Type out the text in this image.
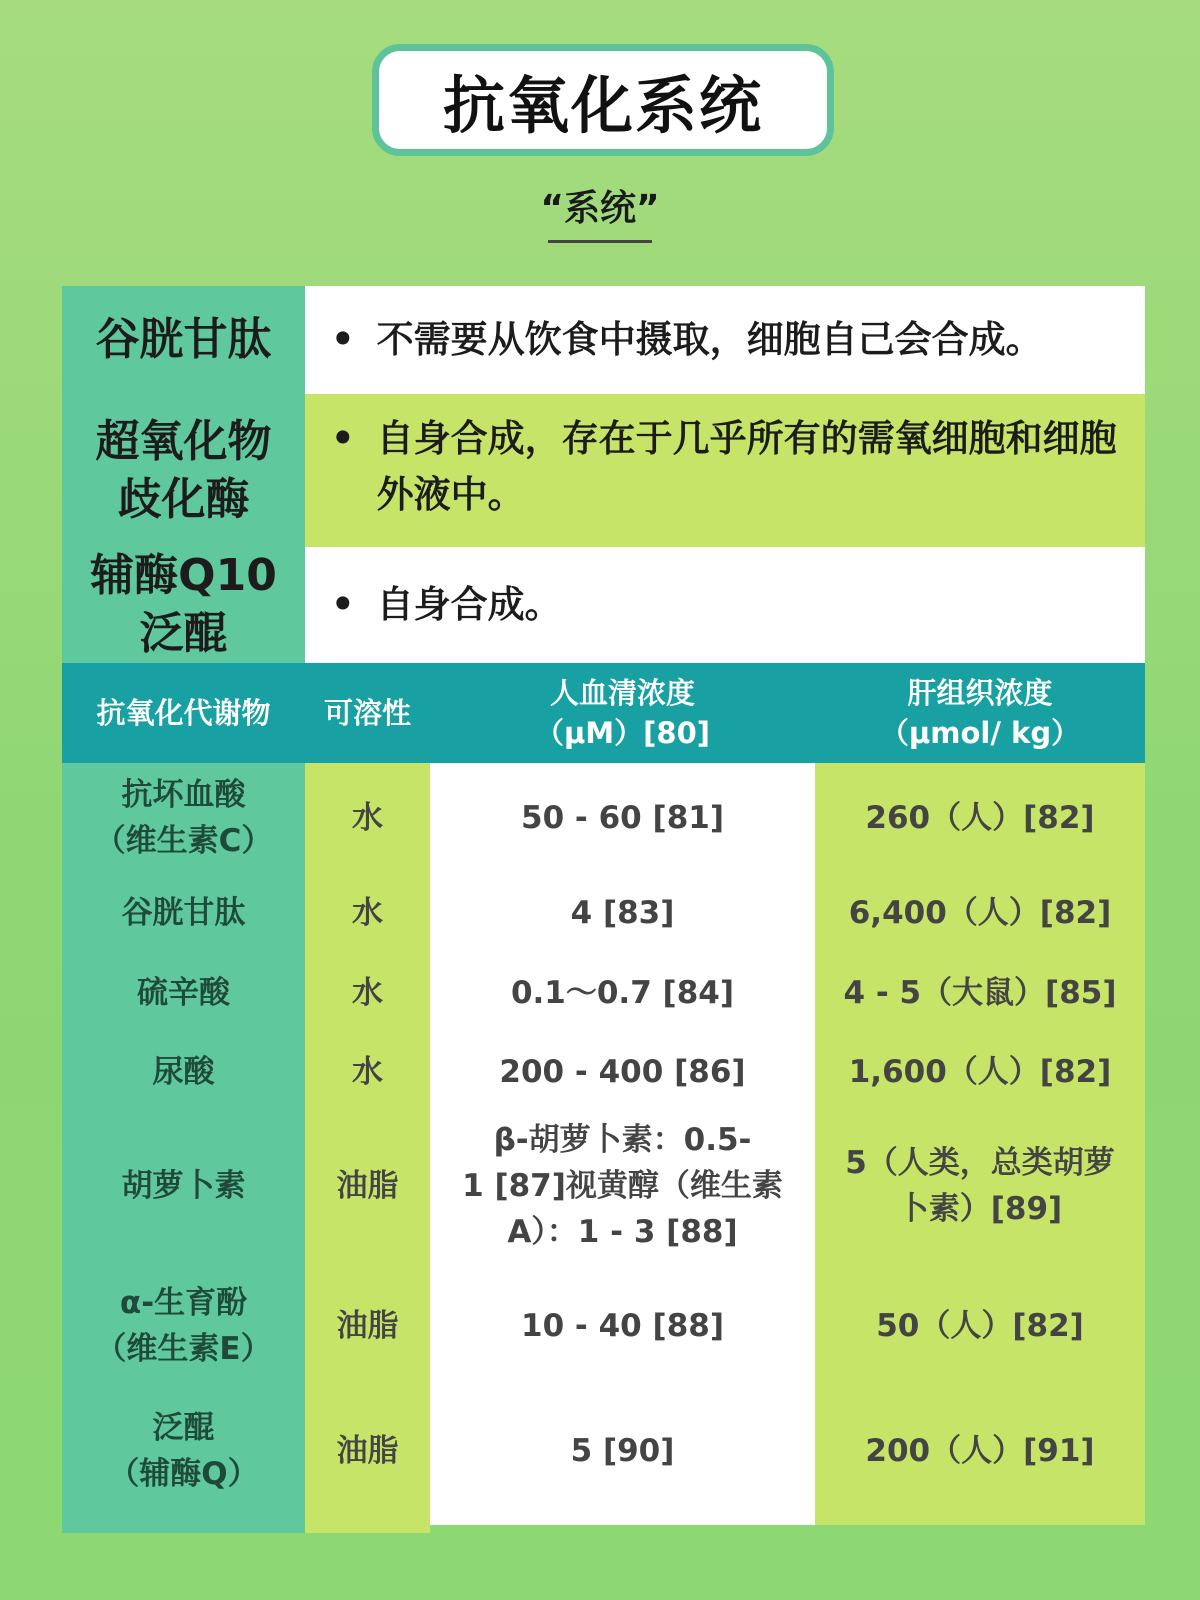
抗氧化系统
“系统”
谷胱甘肽 • 不需要从饮食中摄取，细胞自己会合成。
超氧化物
歧化酶
• 自身合成，存在于几乎所有的需氧细胞和细胞外液中。
辅酶Q10
泛醌
• 自身合成。
抗氧化代谢物 可溶性
人血清浓度
（μM）[80]
肝组织浓度
（μmol/ kg）
抗坏血酸
（维生素C）
谷胱甘肽
硫辛酸
尿酸
胡萝卜素
α-生育酚
（维生素E）
泛醌
（辅酶Q）
水
水
水
水
油脂
油脂
油脂
50 - 60 [81]
4 [83]
0.1～0.7 [84]
200 - 400 [86]
β-胡萝卜素：0.5-
1 [87]视黄醇（维生素
A）：1 - 3 [88]
10 - 40 [88]
5 [90]
260（人）[82]
6,400（人）[82]
4 - 5（大鼠）[85]
1,600（人）[82]
5（人类，总类胡萝
卜素）[89]
50（人）[82]
200（人）[91]
